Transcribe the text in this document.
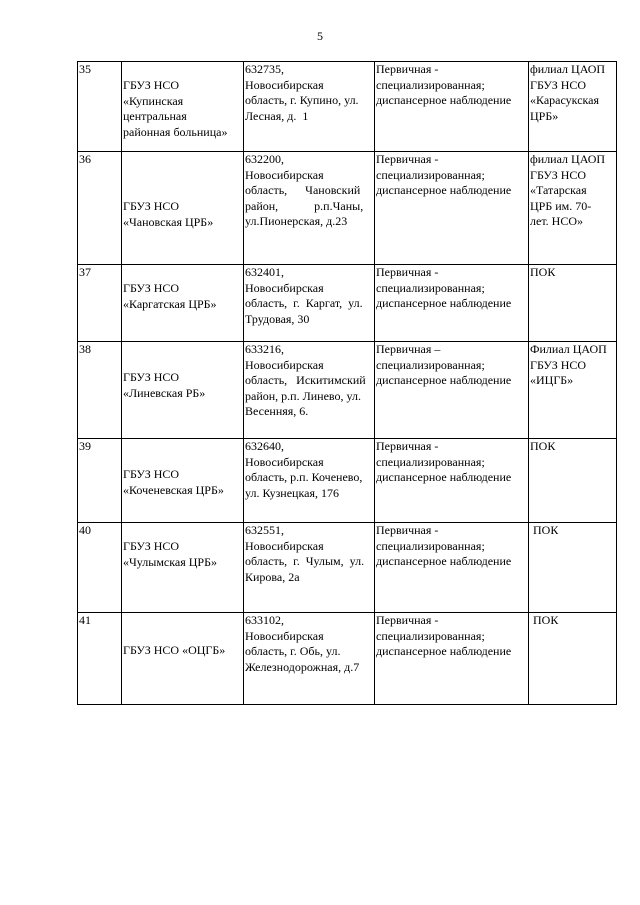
5
35	ГБУЗ НСО
«Купинская
центральная
районная больница»	632735,
Новосибирская
область, г. Купино, ул.
Лесная, д.  1	Первичная -
специализированная;
диспансерное наблюдение	филиал ЦАОП
ГБУЗ НСО
«Карасукская
ЦРБ»

36	ГБУЗ НСО
«Чановская ЦРБ»	632200,
Новосибирская
область,      Чановский
район,            р.п.Чаны,
ул.Пионерская, д.23	Первичная -
специализированная;
диспансерное наблюдение	филиал ЦАОП
ГБУЗ НСО
«Татарская
ЦРБ им. 70-
лет. НСО»

37	ГБУЗ НСО
«Каргатская ЦРБ»	632401,
Новосибирская
область,  г.  Каргат,  ул.
Трудовая, 30	Первичная -
специализированная;
диспансерное наблюдение	ПОК

38	ГБУЗ НСО
«Линевская РБ»	633216,
Новосибирская
область,   Искитимский
район, р.п. Линево, ул.
Весенняя, 6.	Первичная –
специализированная;
диспансерное наблюдение	Филиал ЦАОП
ГБУЗ НСО
«ИЦГБ»

39	ГБУЗ НСО
«Коченевская ЦРБ»	632640,
Новосибирская
область, р.п. Коченево,
ул. Кузнецкая, 176	Первичная -
специализированная;
диспансерное наблюдение	ПОК

40	ГБУЗ НСО
«Чулымская ЦРБ»	632551,
Новосибирская
область,  г.  Чулым,  ул.
Кирова, 2а	Первичная -
специализированная;
диспансерное наблюдение	ПОК

41	ГБУЗ НСО «ОЦГБ»	633102,
Новосибирская
область, г. Обь, ул.
Железнодорожная, д.7	Первичная -
специализированная;
диспансерное наблюдение	ПОК
